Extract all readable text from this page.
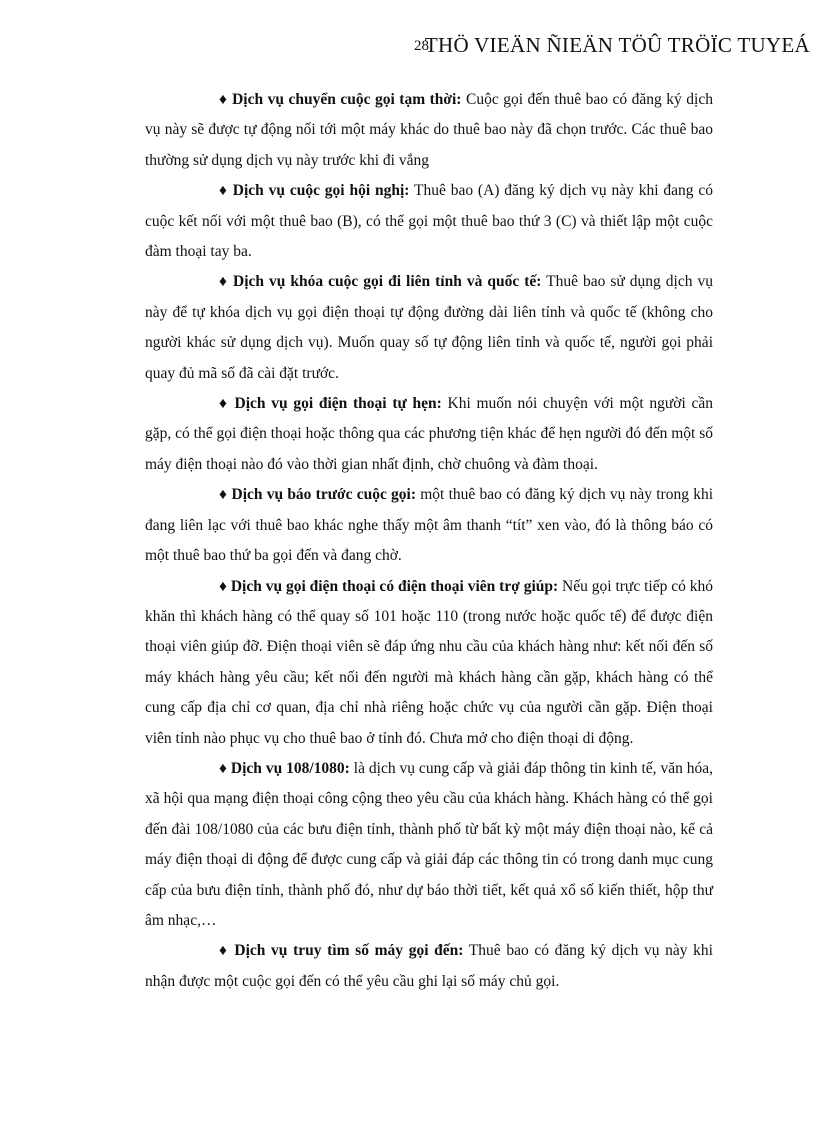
28
THÖ VIEÄN ÑIEÄN TÖÛ TRÖÏC TUYEÁ

♦ Dịch vụ chuyển cuộc gọi tạm thời: Cuộc gọi đến thuê bao có đăng ký dịch vụ này sẽ được tự động nối tới một máy khác do thuê bao này đã chọn trước. Các thuê bao thường sử dụng dịch vụ này trước khi đi vắng

♦ Dịch vụ cuộc gọi hội nghị: Thuê bao (A) đăng ký dịch vụ này khi đang có cuộc kết nối với một thuê bao (B), có thể gọi một thuê bao thứ 3 (C) và thiết lập một cuộc đàm thoại tay ba.

♦ Dịch vụ khóa cuộc gọi đi liên tỉnh và quốc tế: Thuê bao sử dụng dịch vụ này để tự khóa dịch vụ gọi điện thoại tự động đường dài liên tỉnh và quốc tế (không cho người khác sử dụng dịch vụ). Muốn quay số tự động liên tỉnh và quốc tế, người gọi phải quay đủ mã số đã cài đặt trước.

♦ Dịch vụ gọi điện thoại tự hẹn: Khi muốn nói chuyện với một người cần gặp, có thể gọi điện thoại hoặc thông qua các phương tiện khác để hẹn người đó đến một số máy điện thoại nào đó vào thời gian nhất định, chờ chuông và đàm thoại.

♦ Dịch vụ báo trước cuộc gọi: một thuê bao có đăng ký dịch vụ này trong khi đang liên lạc với thuê bao khác nghe thấy một âm thanh “tít” xen vào, đó là thông báo có một thuê bao thứ ba gọi đến và đang chờ.

♦ Dịch vụ gọi điện thoại có điện thoại viên trợ giúp: Nếu gọi trực tiếp có khó khăn thì khách hàng có thể quay số 101 hoặc 110 (trong nước hoặc quốc tế) để được điện thoại viên giúp đỡ. Điện thoại viên sẽ đáp ứng nhu cầu của khách hàng như: kết nối đến số máy khách hàng yêu cầu; kết nối đến người mà khách hàng cần gặp, khách hàng có thể cung cấp địa chỉ cơ quan, địa chỉ nhà riêng hoặc chức vụ của người cần gặp. Điện thoại viên tỉnh nào phục vụ cho thuê bao ở tỉnh đó. Chưa mở cho điện thoại di động.

♦ Dịch vụ 108/1080: là dịch vụ cung cấp và giải đáp thông tin kinh tế, văn hóa, xã hội qua mạng điện thoại công cộng theo yêu cầu của khách hàng. Khách hàng có thể gọi đến đài 108/1080 của các bưu điện tỉnh, thành phố từ bất kỳ một máy điện thoại nào, kể cả máy điện thoại di động để được cung cấp và giải đáp các thông tin có trong danh mục cung cấp của bưu điện tỉnh, thành phố đó, như dự báo thời tiết, kết quả xổ số kiến thiết, hộp thư âm nhạc,…

♦ Dịch vụ truy tìm số máy gọi đến: Thuê bao có đăng ký dịch vụ này khi nhận được một cuộc gọi đến có thể yêu cầu ghi lại số máy chủ gọi.
